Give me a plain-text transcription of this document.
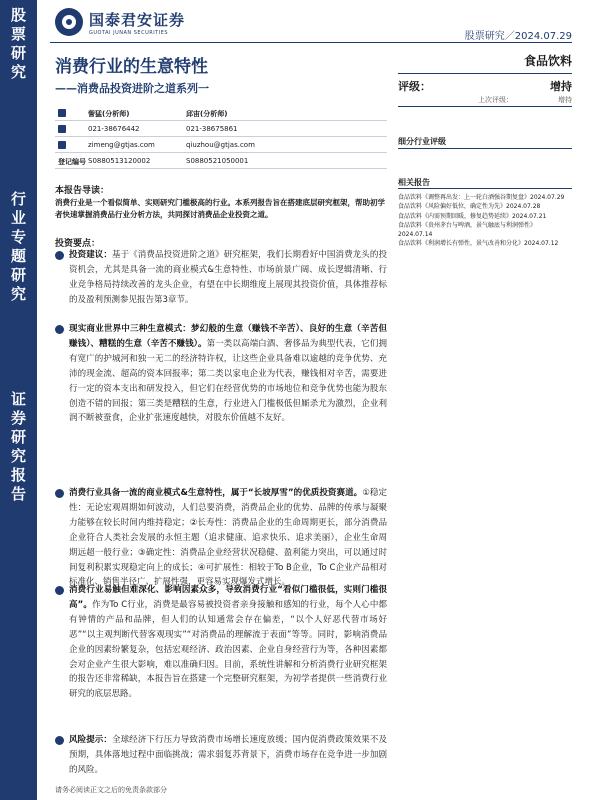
股
票
研
究
行
业
专
题
研
究
证
券
研
究
报
告
国泰君安证券
GUOTAI JUNAN SECURITIES	股票研究／2024.07.29
消费行业的生意特性
——消费品投资进阶之道系列一
食品饮料
评级：	增持
上次评级：	增持
訾猛(分析师)	邱宙(分析师)
021-38676442	021-38675861
zimeng@gtjas.com	qiuzhou@gtjas.com
登记编号 S0880513120002	S0880521050001
细分行业评级
相关报告
食品饮料《调整再出发：上一轮白酒强谷期复盘》2024.07.29
食品饮料《风险偏好低位，确定性为先》2024.07.28
食品饮料《内需预期回暖，修复趋势延续》2024.07.21
食品饮料《贵州茅台与啤酒，景气触底与利润弹性》2024.07.14
食品饮料《利润增长有弹性，景气改善和分化》2024.07.12
本报告导读：
消费行业是一个看似简单、实则研究门槛极高的行业。本系列报告旨在搭建底层研究框架，帮助初学者快速掌握消费品行业分析方法，共同探讨消费品企业投资之道。
投资要点：
投资建议：基于《消费品投资进阶之道》研究框架，我们长期看好中国消费龙头的投资机会，尤其是具备一流的商业模式&生意特性、市场前景广阔、成长逻辑清晰、行业竞争格局持续改善的龙头企业，有望在中长期维度上展现其投资价值，具体推荐标的及盈利预测参见报告第3章节。
现实商业世界中三种生意模式：梦幻般的生意（赚钱不辛苦）、良好的生意（辛苦但赚钱）、糟糕的生意（辛苦不赚钱）。第一类以高端白酒、奢侈品为典型代表，它们拥有宽广的护城河和独一无二的经济特许权，让这些企业具备难以逾越的竞争优势、充沛的现金流、超高的资本回报率；第二类以家电企业为代表，赚钱相对辛苦，需要进行一定的资本支出和研发投入，但它们在经营优势的市场地位和竞争优势也能为股东创造不错的回报；第三类是糟糕的生意，行业进入门槛极低但厮杀尤为激烈，企业利润不断被蚕食，企业扩张速度越快，对股东价值越不友好。
消费行业具备一流的商业模式&生意特性，属于“长坡厚雪”的优质投资赛道。①稳定性：无论宏观周期如何波动，人们总要消费，消费品企业的优势、品牌的传承与凝聚力能够在较长时间内维持稳定；②长寿性：消费品企业的生命周期更长，部分消费品企业符合人类社会发展的永恒主题（追求健康、追求快乐、追求美丽），企业生命周期远超一般行业；③确定性：消费品企业经营状况稳健、盈利能力突出，可以通过时间复利积累实现稳定向上的成长；④可扩展性：相较于To B企业，To C企业产品相对标准化、销售半径广、扩展性强，更容易实现爆发式增长。
消费行业易触但难深化、影响因素众多，导致消费行业“看似门槛很低，实则门槛很高”。作为To C行业，消费是最容易被投资者亲身接触和感知的行业，每个人心中都有钟情的产品和品牌，但人们的认知通常会存在偏差，“以个人好恶代替市场好恶”“以主观判断代替客观现实”“对消费品的理解流于表面”等等。同时，影响消费品企业的因素纷繁复杂，包括宏观经济、政治因素、企业自身经营行为等，各种因素都会对企业产生很大影响，难以准确归因。目前，系统性讲解和分析消费行业研究框架的报告还非常稀缺，本报告旨在搭建一个完整研究框架，为初学者提供一些消费行业研究的底层思路。
风险提示：全球经济下行压力导致消费市场增长速度放缓；国内促消费政策效果不及预期，具体落地过程中面临挑战；需求弱复苏背景下，消费市场存在竞争进一步加剧的风险。
请务必阅读正文之后的免责条款部分
